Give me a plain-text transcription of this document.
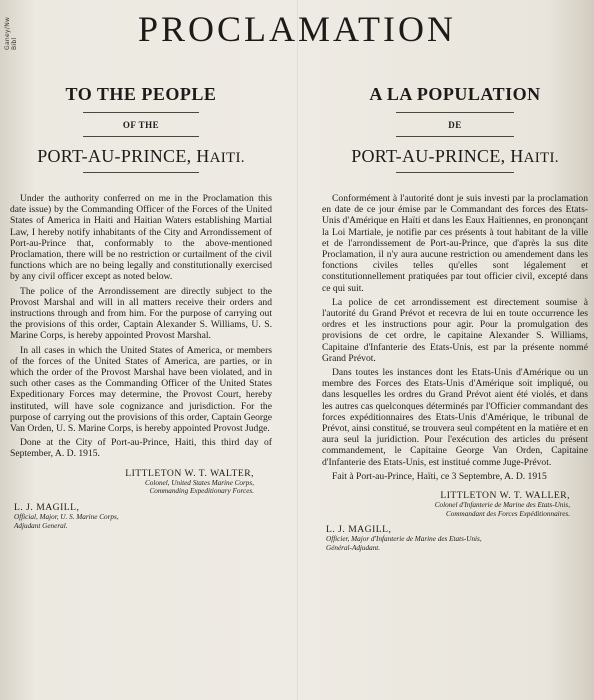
Ganey/Nw Bibl	PROCLAMATION
TO THE PEOPLE
OF THE
PORT-AU-PRINCE, HAITI.

Under the authority conferred on me in the Proclamation this date issue) by the Commanding Officer of the Forces of the United States of America in Haiti and Haitian Waters establishing Martial Law, I hereby notify inhabitants of the City and Arrondissement of Port-au-Prince that, conformably to the above-mentioned Proclamation, there will be no restriction or curtailment of the civil functions which are no being legally and constitutionally exercised by any civil officer except as noted below.

The police of the Arrondissement are directly subject to the Provost Marshal and will in all matters receive their orders and instructions through and from him. For the purpose of carrying out the provisions of this order, Captain Alexander S. Williams, U. S. Marine Corps, is hereby appointed Provost Marshal.

In all cases in which the United States of America, or members of the forces of the United States of America, are parties, or in which the order of the Provost Marshal have been violated, and in such other cases as the Commanding Officer of the United States Expeditionary Forces may determine, the Provost Court, hereby instituted, will have sole cognizance and jurisdiction. For the purpose of carrying out the provisions of this order, Captain George Van Orden, U. S. Marine Corps, is hereby appointed Provost Judge.

Done at the City of Port-au-Prince, Haiti, this third day of September, A. D. 1915.

LITTLETON W. T. WALTER,
Colonel, United States Marine Corps,
Commanding Expeditionary Forces.
L. J. MAGILL,
Official, Major, U. S. Marine Corps,
Adjudant General.
A LA POPULATION
DE
PORT-AU-PRINCE, HAITI.

Conformément à l'autorité dont je suis investi par la proclamation en date de ce jour émise par le Commandant des forces des Etats-Unis d'Amérique en Haïti et dans les Eaux Haïtiennes, en prononçant la Loi Martiale, je notifie par ces présents à tout habitant de la ville et de l'arrondissement de Port-au-Prince, que d'après la sus dite Proclamation, il n'y aura aucune restriction ou amendement dans les fonctions civiles telles qu'elles sont légalement et constitutionnellement pratiquées par tout officier civil, excepté dans ce qui suit.

La police de cet arrondissement est directement soumise à l'autorité du Grand Prévot et recevra de lui en toute occurrence les ordres et les instructions pour agir. Pour la promulgation des provisions de cet ordre, le capitaine Alexander S. Williams, Capitaine d'Infanterie des Etats-Unis, est par la présente nommé Grand Prévot.

Dans toutes les instances dont les Etats-Unis d'Amérique ou un membre des Forces des Etats-Unis d'Amérique soit impliqué, ou dans lesquelles les ordres du Grand Prévot aient été violés, et dans les autres cas quelconques déterminés par l'Officier commandant des forces expéditionnaires des Etats-Unis d'Amérique, le tribunal de Prévot, ainsi constitué, se trouvera seul compétent en la matière et en aura seul la juridiction. Pour l'exécution des articles du présent commandement, le Capitaine George Van Orden, Capitaine d'Infanterie des Etats-Unis, est institué comme Juge-Prévot.

Fait à Port-au-Prince, Haïti, ce 3 Septembre, A. D. 1915

LITTLETON W. T. WALLER,
Colonel d'Infanterie de Marine des Etats-Unis,
Commandant des Forces Expéditionnaires.
L. J. MAGILL,
Officier, Major d'Infanterie de Marine des Etats-Unis,
Général-Adjudant.
